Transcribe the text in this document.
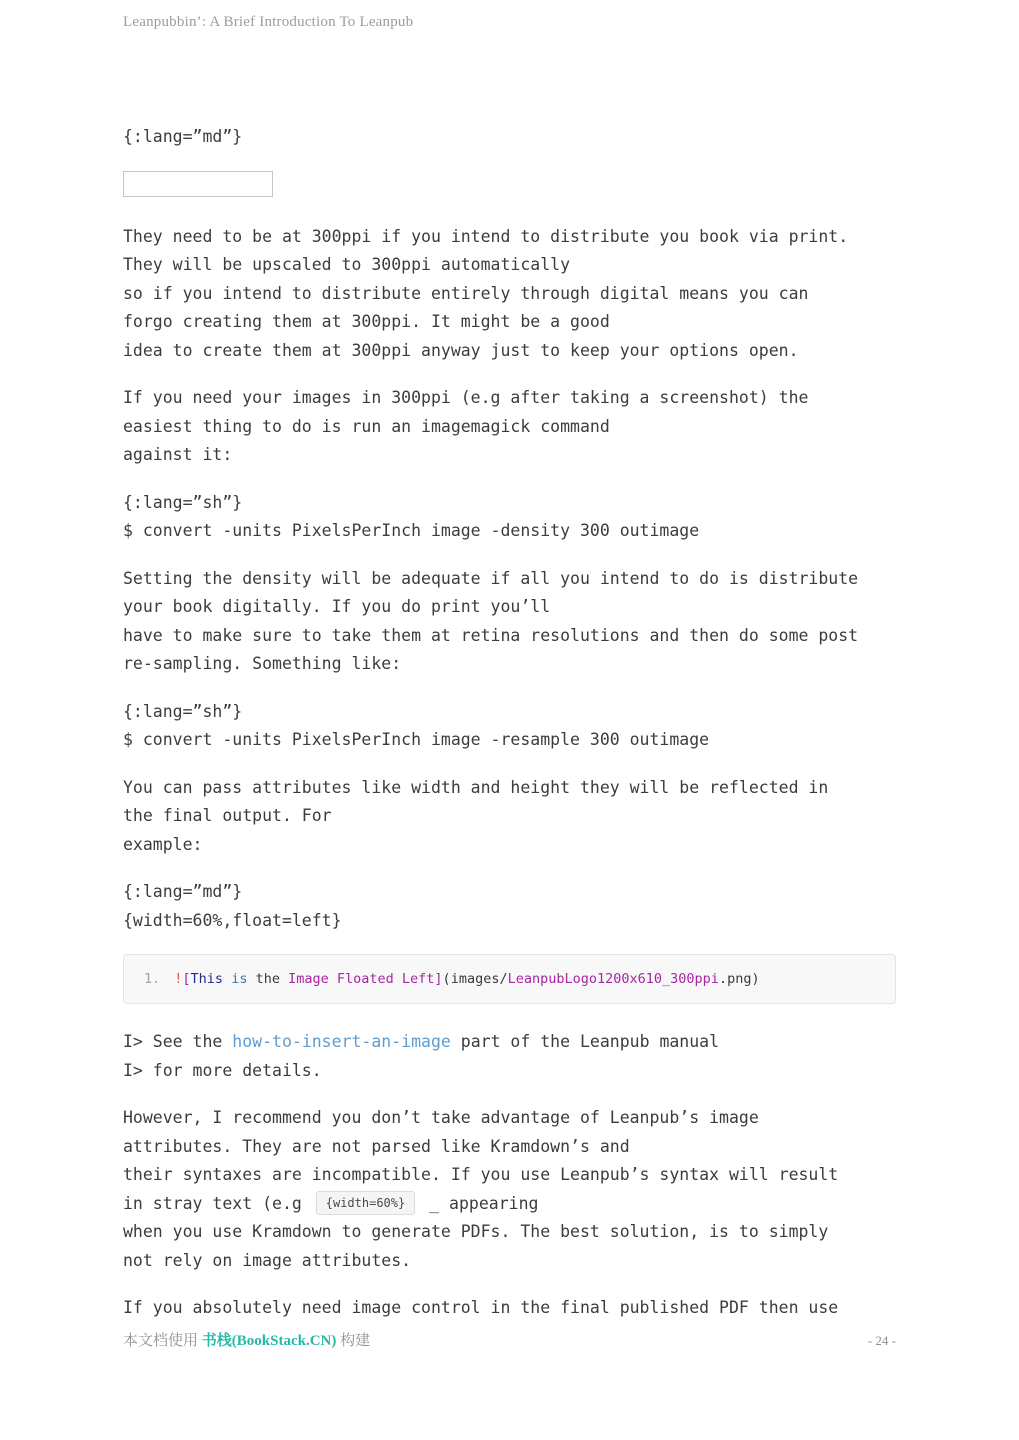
Leanpubbin’: A Brief Introduction To Leanpub

{:lang=”md”}

They need to be at 300ppi if you intend to distribute you book via print.
They will be upscaled to 300ppi automatically
so if you intend to distribute entirely through digital means you can
forgo creating them at 300ppi. It might be a good
idea to create them at 300ppi anyway just to keep your options open.

If you need your images in 300ppi (e.g after taking a screenshot) the
easiest thing to do is run an imagemagick command
against it:

{:lang=”sh”}
$ convert -units PixelsPerInch image -density 300 outimage

Setting the density will be adequate if all you intend to do is distribute
your book digitally. If you do print you’ll
have to make sure to take them at retina resolutions and then do some post
re-sampling. Something like:

{:lang=”sh”}
$ convert -units PixelsPerInch image -resample 300 outimage

You can pass attributes like width and height they will be reflected in
the final output. For
example:

{:lang=”md”}
{width=60%,float=left}

1. ![This is the Image Floated Left](images/LeanpubLogo1200x610_300ppi.png)

I> See the how-to-insert-an-image part of the Leanpub manual
I> for more details.

However, I recommend you don’t take advantage of Leanpub’s image
attributes. They are not parsed like Kramdown’s and
their syntaxes are incompatible. If you use Leanpub’s syntax will result
in stray text (e.g {width=60%} _ appearing
when you use Kramdown to generate PDFs. The best solution, is to simply
not rely on image attributes.

If you absolutely need image control in the final published PDF then use

本文档使用 书栈(BookStack.CN) 构建	- 24 -
